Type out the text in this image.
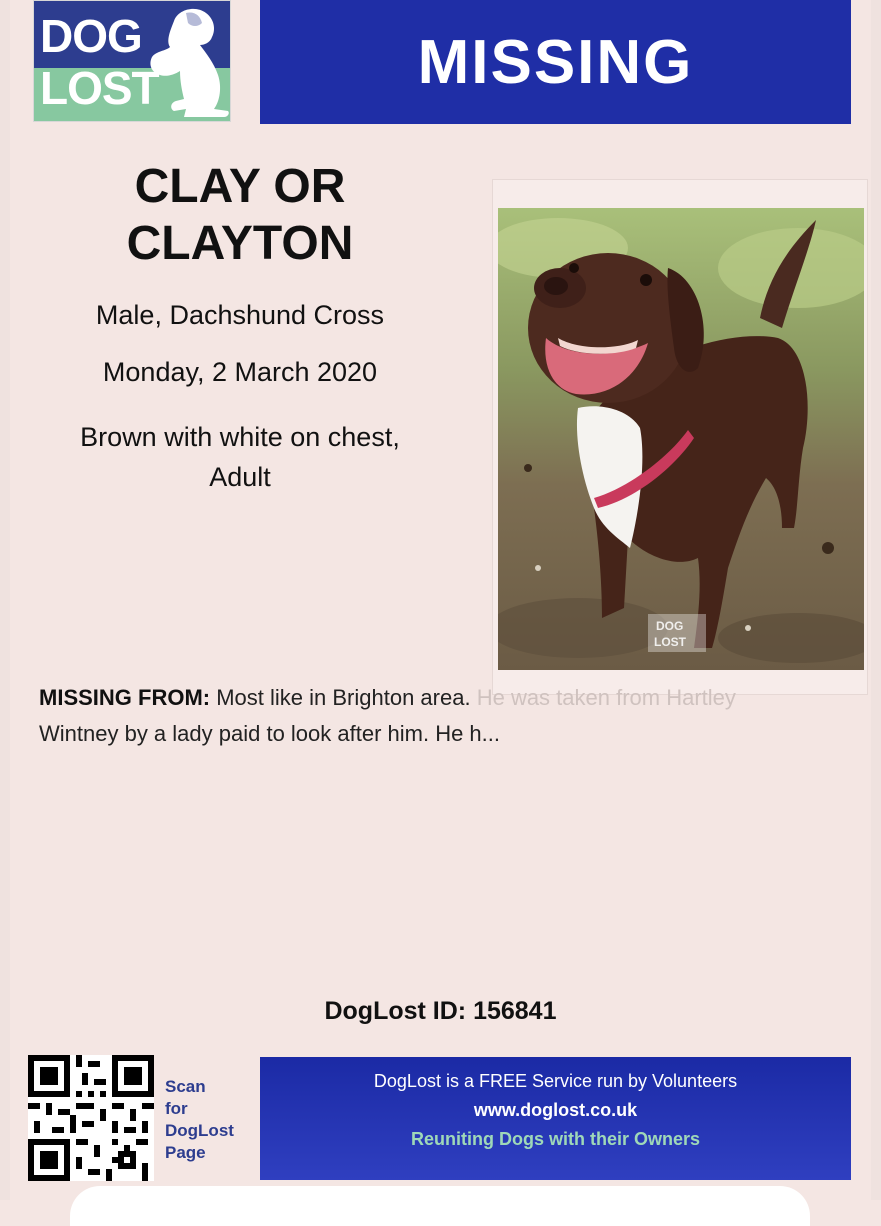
DOG
LOST	MISSING
CLAY OR CLAYTON
Male, Dachshund Cross
Monday, 2 March 2020
Brown with white on chest,
Adult
DOG
LOST
MISSING FROM: Most like in Brighton area. He was taken from Hartley
Wintney by a lady paid to look after him. He h...
DogLost ID: 156841
Scan
for
DogLost
Page
DogLost is a FREE Service run by Volunteers
www.doglost.co.uk
Reuniting Dogs with their Owners
